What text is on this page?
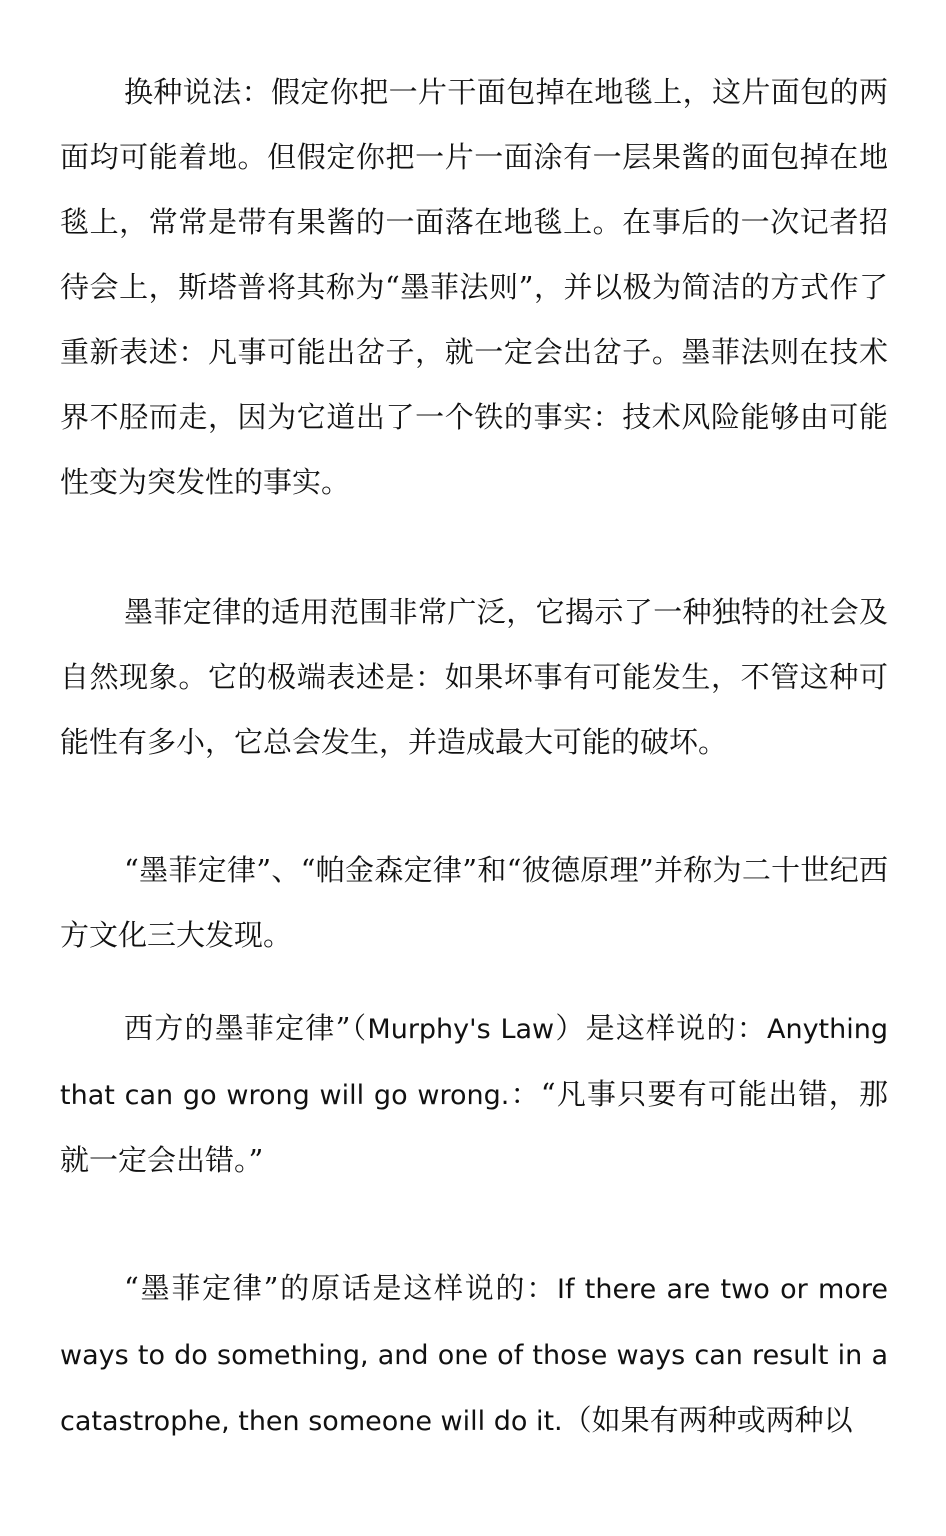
换种说法：假定你把一片干面包掉在地毯上，这片面包的两面均可能着地。但假定你把一片一面涂有一层果酱的面包掉在地毯上，常常是带有果酱的一面落在地毯上。在事后的一次记者招待会上，斯塔普将其称为“墨菲法则”，并以极为简洁的方式作了重新表述：凡事可能出岔子，就一定会出岔子。墨菲法则在技术界不胫而走，因为它道出了一个铁的事实：技术风险能够由可能性变为突发性的事实。

墨菲定律的适用范围非常广泛，它揭示了一种独特的社会及自然现象。它的极端表述是：如果坏事有可能发生，不管这种可能性有多小，它总会发生，并造成最大可能的破坏。

“墨菲定律”、“帕金森定律”和“彼德原理”并称为二十世纪西方文化三大发现。

西方的墨菲定律”（Murphy's Law）是这样说的：Anything that can go wrong will go wrong.：“凡事只要有可能出错，那就一定会出错。”

“墨菲定律”的原话是这样说的：If there are two or more ways to do something, and one of those ways can result in a catastrophe, then someone will do it.（如果有两种或两种以
